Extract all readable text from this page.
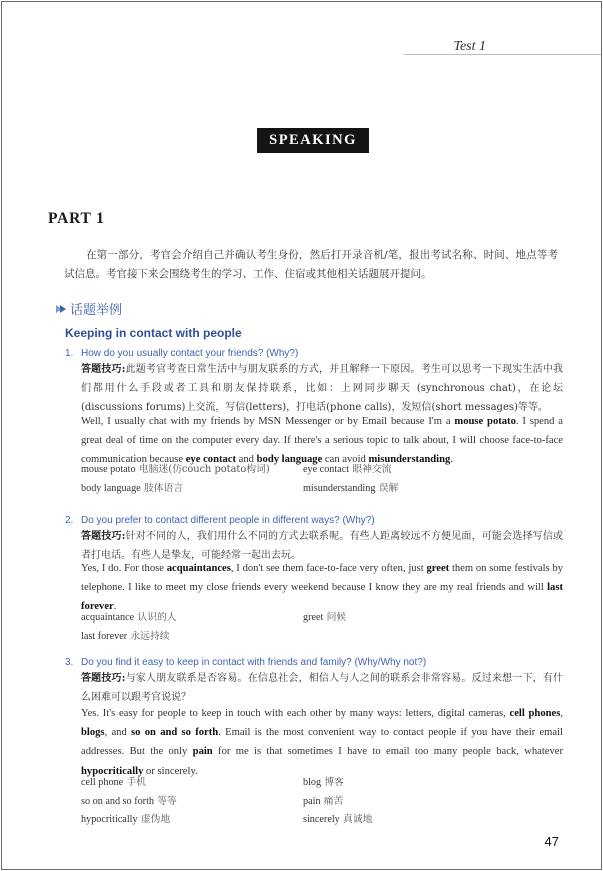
Test 1
SPEAKING
PART 1

在第一部分，考官会介绍自己并确认考生身份，然后打开录音机/笔，报出考试名称、时间、地点等考试信息。考官接下来会围绕考生的学习、工作、住宿或其他相关话题展开提问。

话题举例
Keeping in contact with people
1. How do you usually contact your friends? (Why?)

答题技巧:此题考官考查日常生活中与朋友联系的方式，并且解释一下原因。考生可以思考一下现实生活中我们都用什么手段或者工具和朋友保持联系，比如：上网同步聊天 (synchronous chat)，在论坛 (discussions forums)上交流，写信(letters)，打电话(phone calls)，发短信(short messages)等等。

Well, I usually chat with my friends by MSN Messenger or by Email because I'm a mouse potato. I spend a great deal of time on the computer every day. If there's a serious topic to talk about, I will choose face-to-face communication because eye contact and body language can avoid misunderstanding.

mouse potato 电脑迷(仿couch potato构词)	eye contact 眼神交流
body language 肢体语言	misunderstanding 误解
2. Do you prefer to contact different people in different ways? (Why?)

答题技巧:针对不同的人，我们用什么不同的方式去联系呢。有些人距离较远不方便见面，可能会选择写信或者打电话。有些人是挚友，可能经常一起出去玩。

Yes, I do. For those acquaintances, I don't see them face-to-face very often, just greet them on some festivals by telephone. I like to meet my close friends every weekend because I know they are my real friends and will last forever.

acquaintance 认识的人	greet 问候
last forever 永远持续
3. Do you find it easy to keep in contact with friends and family? (Why/Why not?)

答题技巧:与家人朋友联系是否容易。在信息社会，相信人与人之间的联系会非常容易。反过来想一下，有什么困难可以跟考官说说？

Yes. It's easy for people to keep in touch with each other by many ways: letters, digital cameras, cell phones, blogs, and so on and so forth. Email is the most convenient way to contact people if you have their email addresses. But the only pain for me is that sometimes I have to email too many people back, whatever hypocritically or sincerely.

cell phone 手机	blog 博客
so on and so forth 等等	pain 痛苦
hypocritically 虚伪地	sincerely 真诚地
47
